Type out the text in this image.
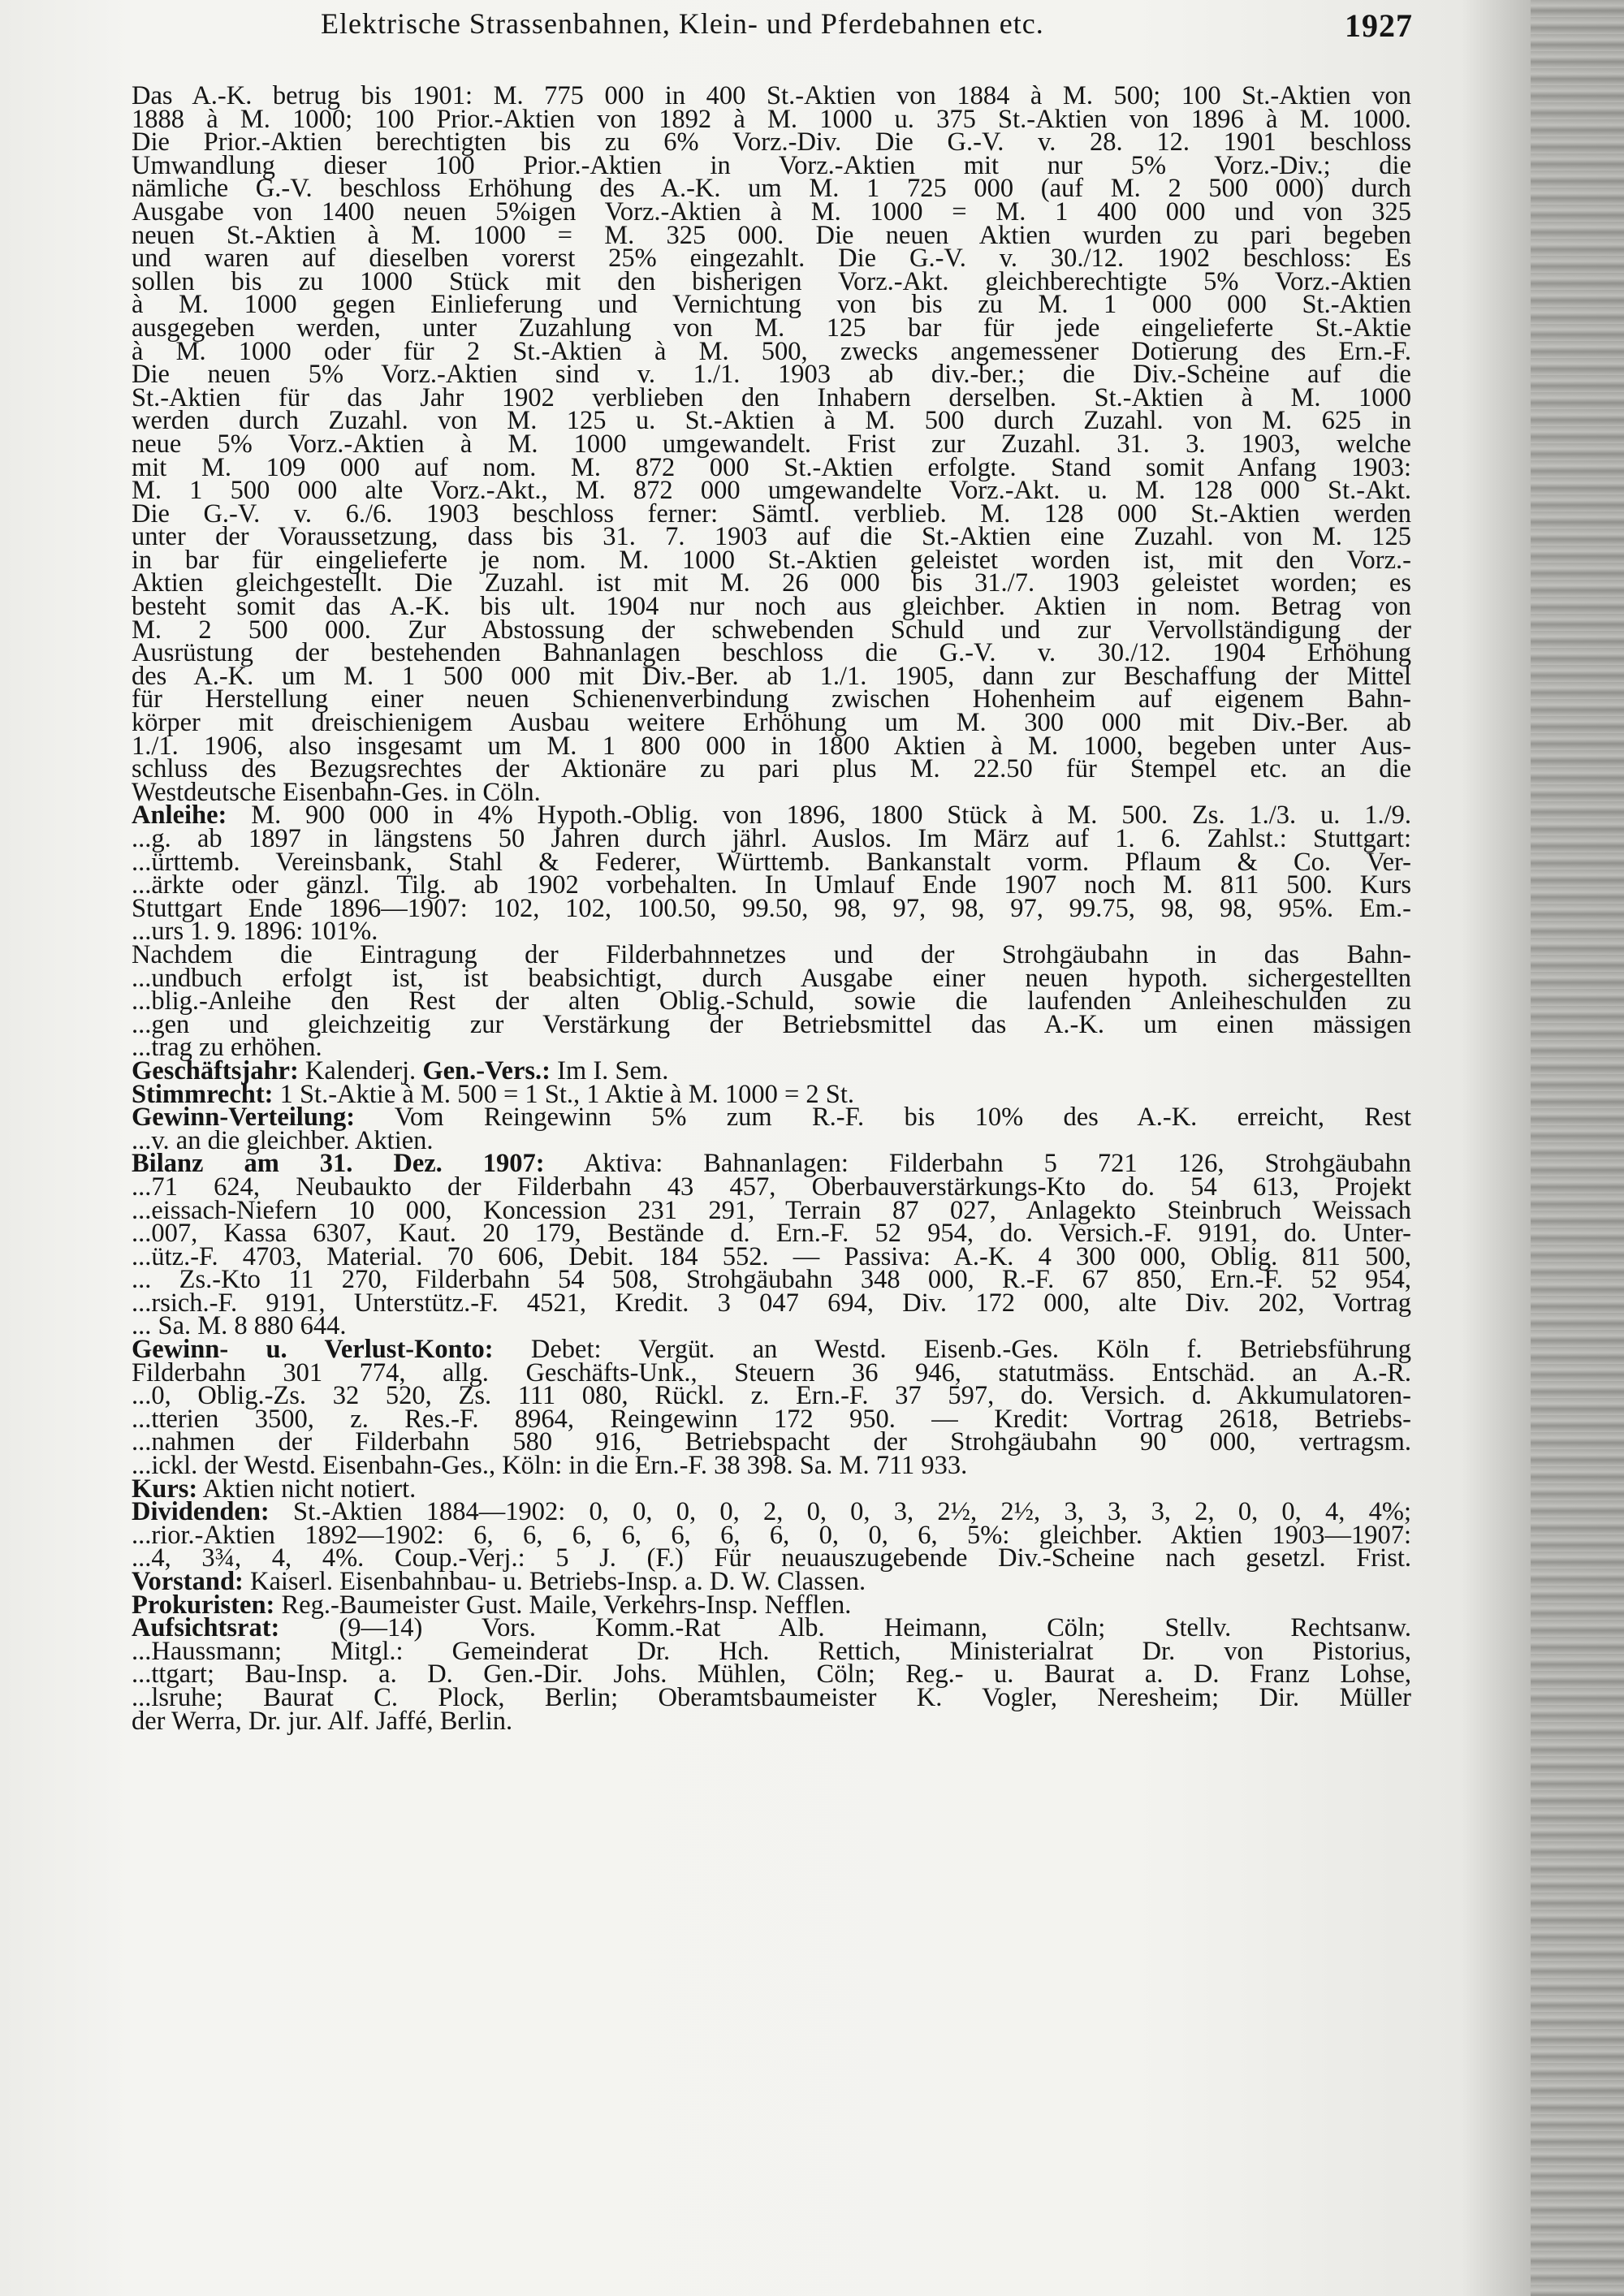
Elektrische Strassenbahnen, Klein- und Pferdebahnen etc.	1927
Das A.-K. betrug bis 1901: M. 775 000 in 400 St.-Aktien von 1884 à M. 500; 100 St.-Aktien von
1888 à M. 1000; 100 Prior.-Aktien von 1892 à M. 1000 u. 375 St.-Aktien von 1896 à M. 1000.
Die Prior.-Aktien berechtigten bis zu 6% Vorz.-Div. Die G.-V. v. 28. 12. 1901 beschloss
Umwandlung dieser 100 Prior.-Aktien in Vorz.-Aktien mit nur 5% Vorz.-Div.; die
nämliche G.-V. beschloss Erhöhung des A.-K. um M. 1 725 000 (auf M. 2 500 000) durch
Ausgabe von 1400 neuen 5%igen Vorz.-Aktien à M. 1000 = M. 1 400 000 und von 325
neuen St.-Aktien à M. 1000 = M. 325 000. Die neuen Aktien wurden zu pari begeben
und waren auf dieselben vorerst 25% eingezahlt. Die G.-V. v. 30./12. 1902 beschloss: Es
sollen bis zu 1000 Stück mit den bisherigen Vorz.-Akt. gleichberechtigte 5% Vorz.-Aktien
à M. 1000 gegen Einlieferung und Vernichtung von bis zu M. 1 000 000 St.-Aktien
ausgegeben werden, unter Zuzahlung von M. 125 bar für jede eingelieferte St.-Aktie
à M. 1000 oder für 2 St.-Aktien à M. 500, zwecks angemessener Dotierung des Ern.-F.
Die neuen 5% Vorz.-Aktien sind v. 1./1. 1903 ab div.-ber.; die Div.-Scheine auf die
St.-Aktien für das Jahr 1902 verblieben den Inhabern derselben. St.-Aktien à M. 1000
werden durch Zuzahl. von M. 125 u. St.-Aktien à M. 500 durch Zuzahl. von M. 625 in
neue 5% Vorz.-Aktien à M. 1000 umgewandelt. Frist zur Zuzahl. 31. 3. 1903, welche
mit M. 109 000 auf nom. M. 872 000 St.-Aktien erfolgte. Stand somit Anfang 1903:
M. 1 500 000 alte Vorz.-Akt., M. 872 000 umgewandelte Vorz.-Akt. u. M. 128 000 St.-Akt.
Die G.-V. v. 6./6. 1903 beschloss ferner: Sämtl. verblieb. M. 128 000 St.-Aktien werden
unter der Voraussetzung, dass bis 31. 7. 1903 auf die St.-Aktien eine Zuzahl. von M. 125
in bar für eingelieferte je nom. M. 1000 St.-Aktien geleistet worden ist, mit den Vorz.-
Aktien gleichgestellt. Die Zuzahl. ist mit M. 26 000 bis 31./7. 1903 geleistet worden; es
besteht somit das A.-K. bis ult. 1904 nur noch aus gleichber. Aktien in nom. Betrag von
M. 2 500 000. Zur Abstossung der schwebenden Schuld und zur Vervollständigung der
Ausrüstung der bestehenden Bahnanlagen beschloss die G.-V. v. 30./12. 1904 Erhöhung
des A.-K. um M. 1 500 000 mit Div.-Ber. ab 1./1. 1905, dann zur Beschaffung der Mittel
für Herstellung einer neuen Schienenverbindung zwischen Hohenheim auf eigenem Bahn-
körper mit dreischienigem Ausbau weitere Erhöhung um M. 300 000 mit Div.-Ber. ab
1./1. 1906, also insgesamt um M. 1 800 000 in 1800 Aktien à M. 1000, begeben unter Aus-
schluss des Bezugsrechtes der Aktionäre zu pari plus M. 22.50 für Stempel etc. an die
Westdeutsche Eisenbahn-Ges. in Cöln.
Anleihe: M. 900 000 in 4% Hypoth.-Oblig. von 1896, 1800 Stück à M. 500. Zs. 1./3. u. 1./9.
...g. ab 1897 in längstens 50 Jahren durch jährl. Auslos. Im März auf 1. 6. Zahlst.: Stuttgart:
...ürttemb. Vereinsbank, Stahl & Federer, Württemb. Bankanstalt vorm. Pflaum & Co. Ver-
...ärkte oder gänzl. Tilg. ab 1902 vorbehalten. In Umlauf Ende 1907 noch M. 811 500. Kurs
Stuttgart Ende 1896—1907: 102, 102, 100.50, 99.50, 98, 97, 98, 97, 99.75, 98, 98, 95%. Em.-
...urs 1. 9. 1896: 101%.
Nachdem die Eintragung der Filderbahnnetzes und der Strohgäubahn in das Bahn-
...undbuch erfolgt ist, ist beabsichtigt, durch Ausgabe einer neuen hypoth. sichergestellten
...blig.-Anleihe den Rest der alten Oblig.-Schuld, sowie die laufenden Anleiheschulden zu
...gen und gleichzeitig zur Verstärkung der Betriebsmittel das A.-K. um einen mässigen
...trag zu erhöhen.
Geschäftsjahr: Kalenderj. Gen.-Vers.: Im I. Sem.
Stimmrecht: 1 St.-Aktie à M. 500 = 1 St., 1 Aktie à M. 1000 = 2 St.
Gewinn-Verteilung: Vom Reingewinn 5% zum R.-F. bis 10% des A.-K. erreicht, Rest
...v. an die gleichber. Aktien.
Bilanz am 31. Dez. 1907: Aktiva: Bahnanlagen: Filderbahn 5 721 126, Strohgäubahn
...71 624, Neubaukto der Filderbahn 43 457, Oberbauverstärkungs-Kto do. 54 613, Projekt
...eissach-Niefern 10 000, Koncession 231 291, Terrain 87 027, Anlagekto Steinbruch Weissach
...007, Kassa 6307, Kaut. 20 179, Bestände d. Ern.-F. 52 954, do. Versich.-F. 9191, do. Unter-
...ütz.-F. 4703, Material. 70 606, Debit. 184 552. — Passiva: A.-K. 4 300 000, Oblig. 811 500,
... Zs.-Kto 11 270, Filderbahn 54 508, Strohgäubahn 348 000, R.-F. 67 850, Ern.-F. 52 954,
...rsich.-F. 9191, Unterstütz.-F. 4521, Kredit. 3 047 694, Div. 172 000, alte Div. 202, Vortrag
... Sa. M. 8 880 644.
Gewinn- u. Verlust-Konto: Debet: Vergüt. an Westd. Eisenb.-Ges. Köln f. Betriebsführung
Filderbahn 301 774, allg. Geschäfts-Unk., Steuern 36 946, statutmäss. Entschäd. an A.-R.
...0, Oblig.-Zs. 32 520, Zs. 111 080, Rückl. z. Ern.-F. 37 597, do. Versich. d. Akkumulatoren-
...tterien 3500, z. Res.-F. 8964, Reingewinn 172 950. — Kredit: Vortrag 2618, Betriebs-
...nahmen der Filderbahn 580 916, Betriebspacht der Strohgäubahn 90 000, vertragsm.
...ickl. der Westd. Eisenbahn-Ges., Köln: in die Ern.-F. 38 398. Sa. M. 711 933.
Kurs: Aktien nicht notiert.
Dividenden: St.-Aktien 1884—1902: 0, 0, 0, 0, 2, 0, 0, 3, 2½, 2½, 3, 3, 3, 2, 0, 0, 4, 4%;
...rior.-Aktien 1892—1902: 6, 6, 6, 6, 6, 6, 6, 0, 0, 6, 5%: gleichber. Aktien 1903—1907:
...4, 3¾, 4, 4%. Coup.-Verj.: 5 J. (F.) Für neuauszugebende Div.-Scheine nach gesetzl. Frist.
Vorstand: Kaiserl. Eisenbahnbau- u. Betriebs-Insp. a. D. W. Classen.
Prokuristen: Reg.-Baumeister Gust. Maile, Verkehrs-Insp. Nefflen.
Aufsichtsrat: (9—14) Vors. Komm.-Rat Alb. Heimann, Cöln; Stellv. Rechtsanw.
...Haussmann; Mitgl.: Gemeinderat Dr. Hch. Rettich, Ministerialrat Dr. von Pistorius,
...ttgart; Bau-Insp. a. D. Gen.-Dir. Johs. Mühlen, Cöln; Reg.- u. Baurat a. D. Franz Lohse,
...lsruhe; Baurat C. Plock, Berlin; Oberamtsbaumeister K. Vogler, Neresheim; Dir. Müller
der Werra, Dr. jur. Alf. Jaffé, Berlin.
